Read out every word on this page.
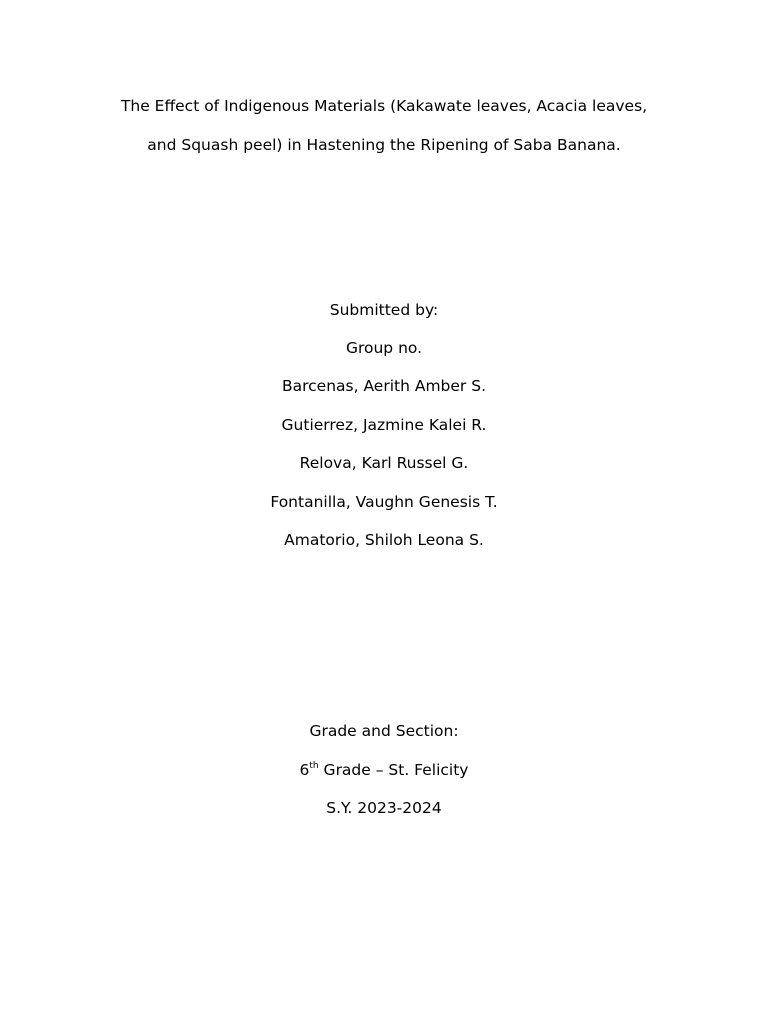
The Effect of Indigenous Materials (Kakawate leaves, Acacia leaves,
and Squash peel) in Hastening the Ripening of Saba Banana.
Submitted by:
Group no.
Barcenas, Aerith Amber S.
Gutierrez, Jazmine Kalei R.
Relova, Karl Russel G.
Fontanilla, Vaughn Genesis T.
Amatorio, Shiloh Leona S.
Grade and Section:
6th Grade – St. Felicity
S.Y. 2023-2024
